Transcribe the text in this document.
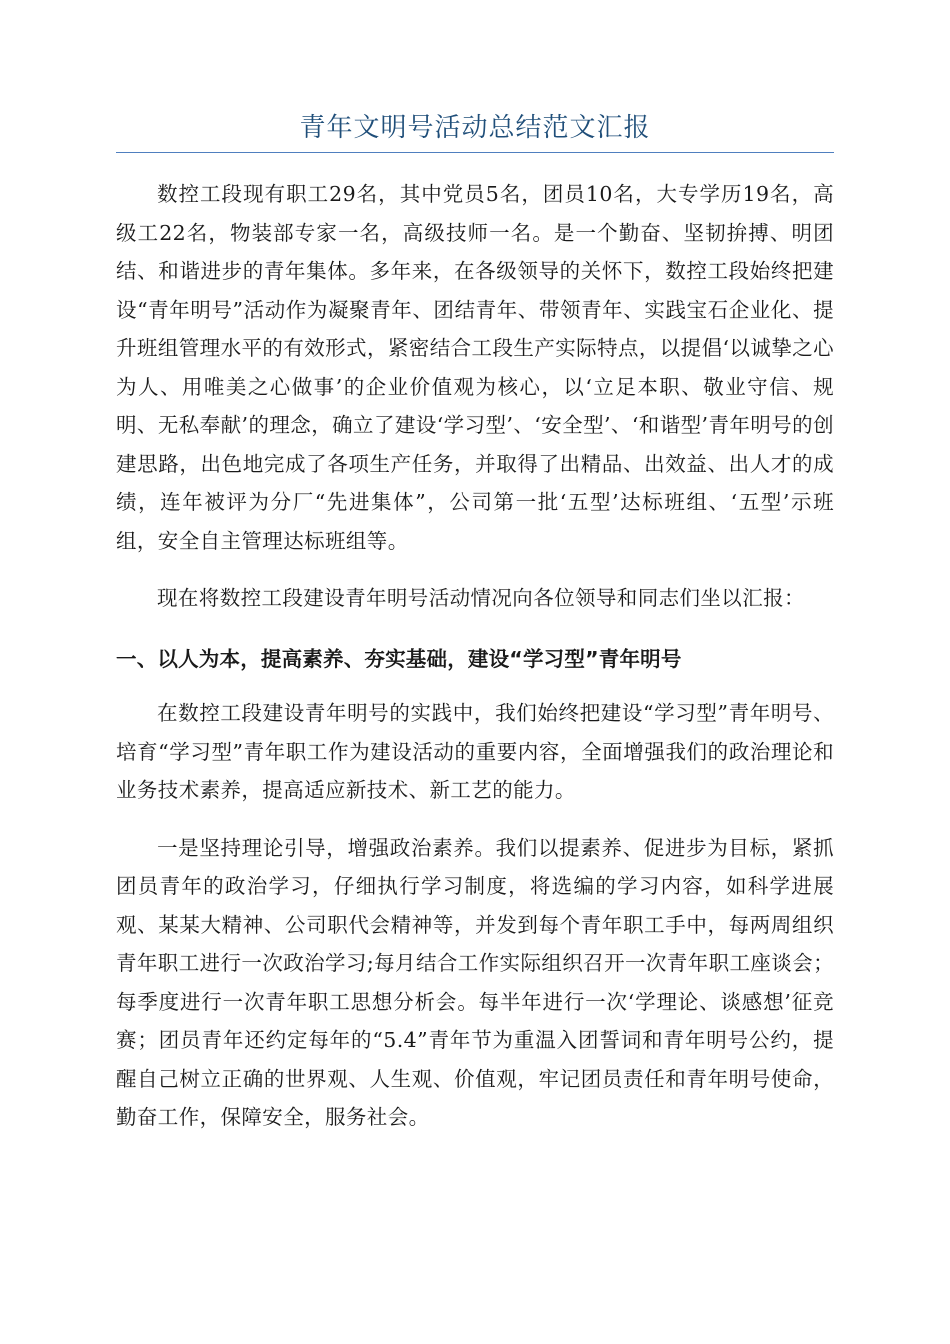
青年文明号活动总结范文汇报

数控工段现有职工29名，其中党员5名，团员10名，大专学历19名，高级工22名，物装部专家一名，高级技师一名。是一个勤奋、坚韧拚搏、明团结、和谐进步的青年集体。多年来，在各级领导的关怀下，数控工段始终把建设“青年明号”活动作为凝聚青年、团结青年、带领青年、实践宝石企业化、提升班组管理水平的有效形式，紧密结合工段生产实际特点，以提倡‘以诚挚之心为人、用唯美之心做事’的企业价值观为核心，以‘立足本职、敬业守信、规明、无私奉献’的理念，确立了建设‘学习型’、‘安全型’、‘和谐型’青年明号的创建思路，出色地完成了各项生产任务，并取得了出精品、出效益、出人才的成绩，连年被评为分厂“先进集体”，公司第一批‘五型’达标班组、‘五型’示班组，安全自主管理达标班组等。

现在将数控工段建设青年明号活动情况向各位领导和同志们坐以汇报：

一、以人为本，提高素养、夯实基础，建设“学习型”青年明号

在数控工段建设青年明号的实践中，我们始终把建设“学习型”青年明号、培育“学习型”青年职工作为建设活动的重要内容，全面增强我们的政治理论和业务技术素养，提高适应新技术、新工艺的能力。

一是坚持理论引导，增强政治素养。我们以提素养、促进步为目标，紧抓团员青年的政治学习，仔细执行学习制度，将选编的学习内容，如科学进展观、某某大精神、公司职代会精神等，并发到每个青年职工手中，每两周组织青年职工进行一次政治学习;每月结合工作实际组织召开一次青年职工座谈会；每季度进行一次青年职工思想分析会。每半年进行一次‘学理论、谈感想’征竞赛；团员青年还约定每年的“5.4”青年节为重温入团誓词和青年明号公约，提醒自己树立正确的世界观、人生观、价值观，牢记团员责任和青年明号使命，勤奋工作，保障安全，服务社会。
